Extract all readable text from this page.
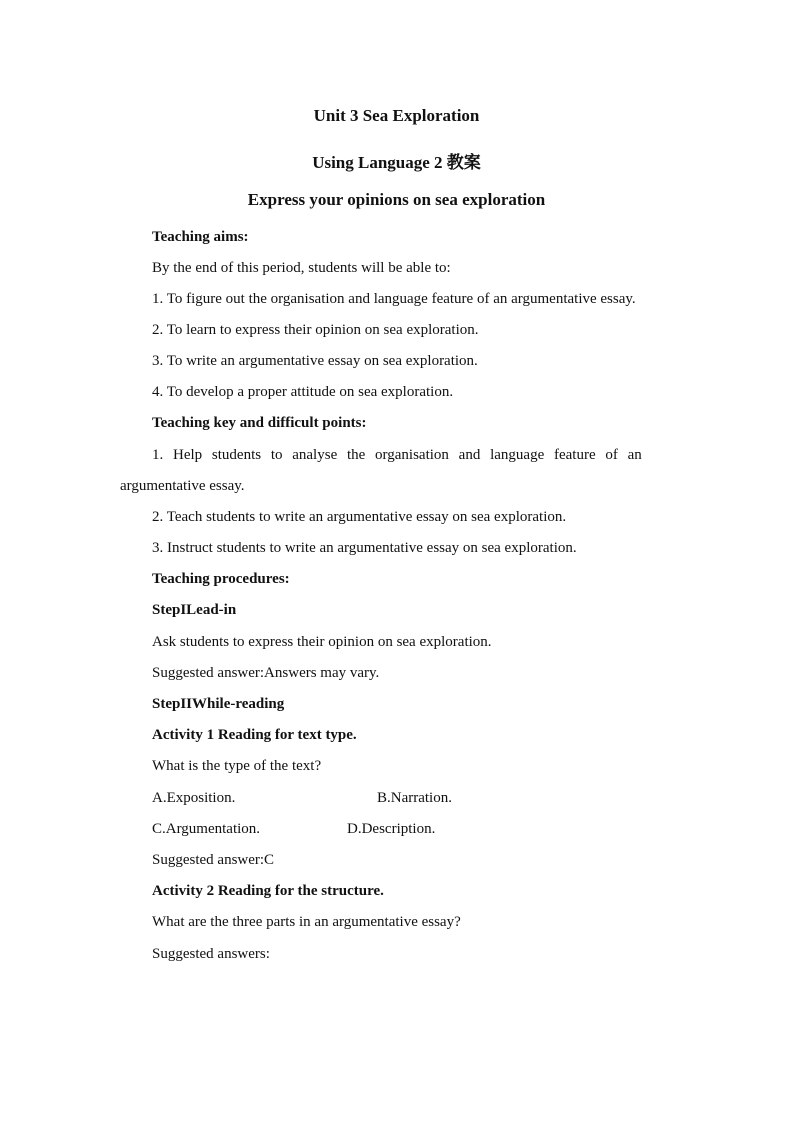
Unit 3 Sea Exploration
Using Language 2 教案
Express your opinions on sea exploration

Teaching aims:

By the end of this period, students will be able to:

1. To figure out the organisation and language feature of an argumentative essay.

2. To learn to express their opinion on sea exploration.

3. To write an argumentative essay on sea exploration.

4. To develop a proper attitude on sea exploration.

Teaching key and difficult points:

1. Help students to analyse the organisation and language feature of an

argumentative essay.

2. Teach students to write an argumentative essay on sea exploration.

3. Instruct students to write an argumentative essay on sea exploration.

Teaching procedures:

StepILead-in

Ask students to express their opinion on sea exploration.

Suggested answer:Answers may vary.

StepIIWhile-reading

Activity 1 Reading for text type.

What is the type of the text?

A.Exposition.	B.Narration.

C.Argumentation.	D.Description.

Suggested answer:C

Activity 2 Reading for the structure.

What are the three parts in an argumentative essay?

Suggested answers:
